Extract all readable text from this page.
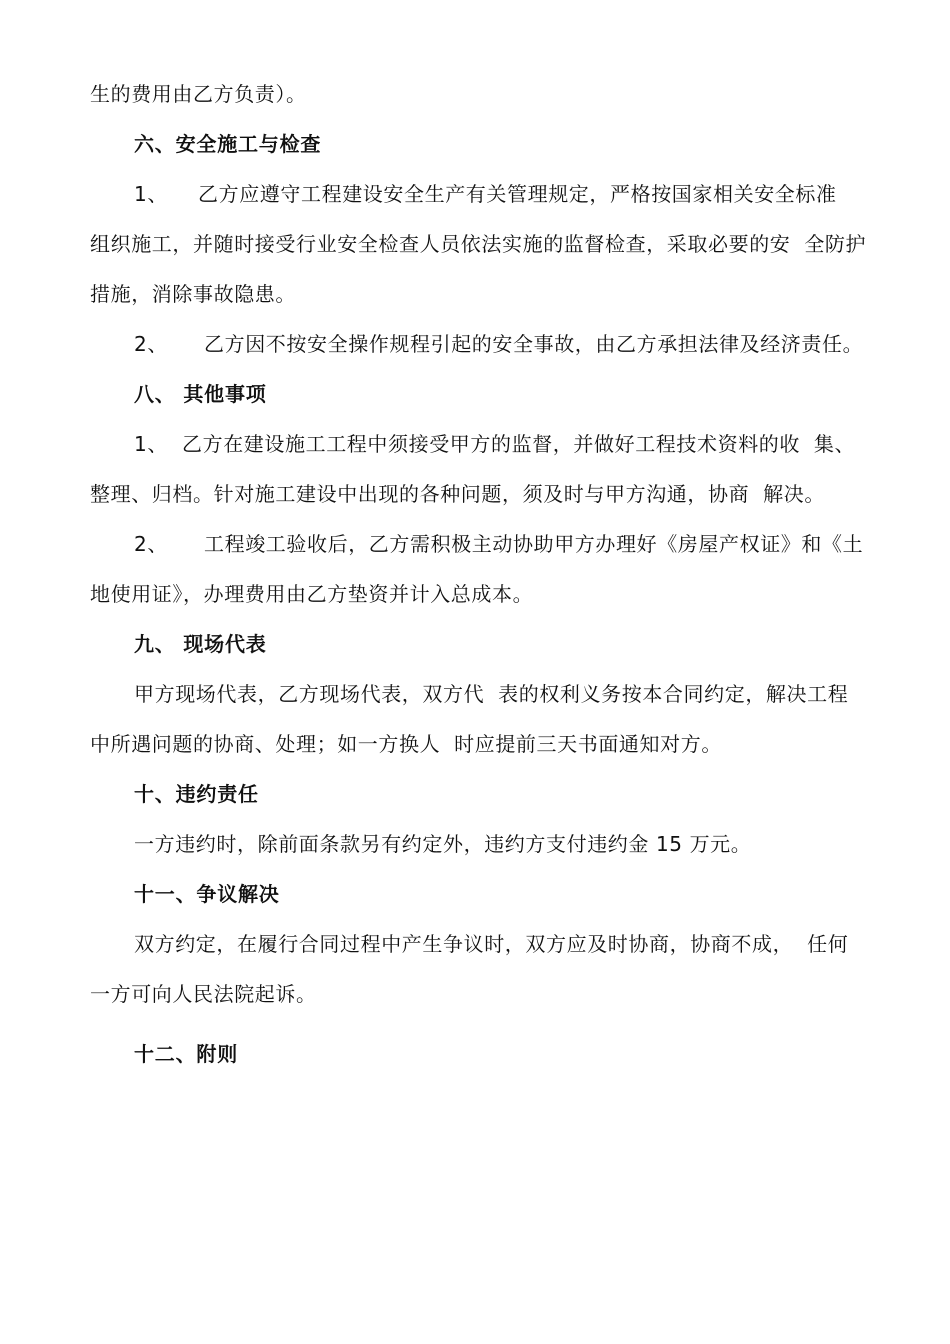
生的费用由乙方负责）。
六、安全施工与检查
1、 乙方应遵守工程建设安全生产有关管理规定，严格按国家相关安全标准
组织施工，并随时接受行业安全检查人员依法实施的监督检查，采取必要的安  全防护
措施，消除事故隐患。
2、 乙方因不按安全操作规程引起的安全事故，由乙方承担法律及经济责任。
八、 其他事项
1、 乙方在建设施工工程中须接受甲方的监督，并做好工程技术资料的收  集、
整理、归档。针对施工建设中出现的各种问题，须及时与甲方沟通，协商  解决。
2、 工程竣工验收后，乙方需积极主动协助甲方办理好《房屋产权证》和《土
地使用证》，办理费用由乙方垫资并计入总成本。
九、 现场代表
甲方现场代表，乙方现场代表，双方代  表的权利义务按本合同约定，解决工程
中所遇问题的协商、处理；如一方换人  时应提前三天书面通知对方。
十、违约责任
一方违约时，除前面条款另有约定外，违约方支付违约金 15 万元。
十一、争议解决
双方约定，在履行合同过程中产生争议时，双方应及时协商，协商不成，  任何
一方可向人民法院起诉。
十二、附则
